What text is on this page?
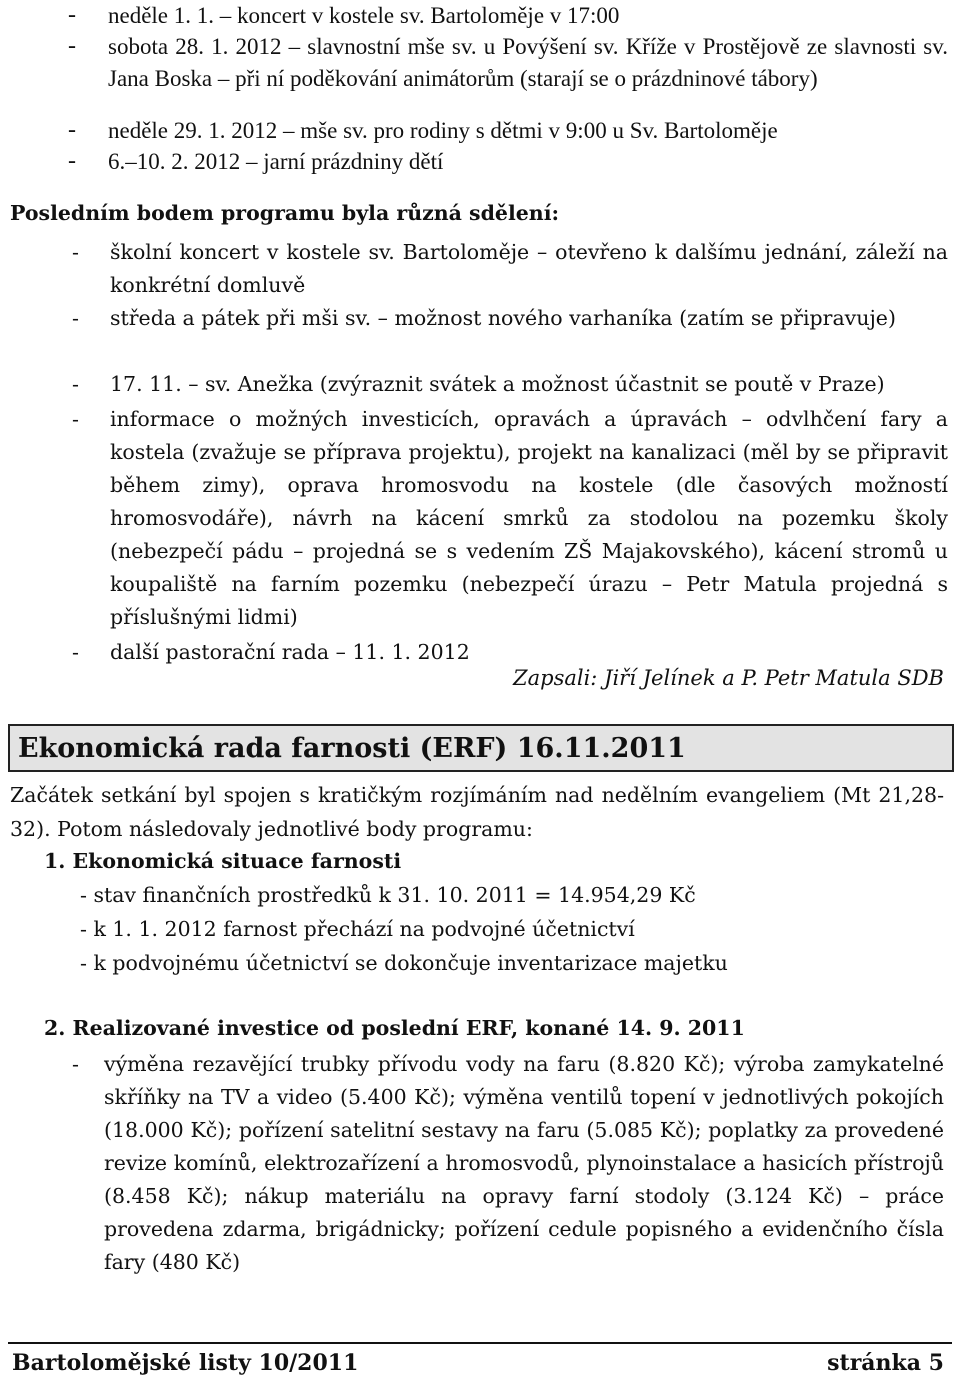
- neděle 1. 1. – koncert v kostele sv. Bartoloměje v 17:00
- sobota 28. 1. 2012 – slavnostní mše sv. u Povýšení sv. Kříže v Prostějově ze slavnosti sv. Jana Boska – při ní poděkování animátorům (starají se o prázdninové tábory)
- neděle 29. 1. 2012 – mše sv. pro rodiny s dětmi v 9:00 u Sv. Bartoloměje
- 6.–10. 2. 2012 – jarní prázdniny dětí
Posledním bodem programu byla různá sdělení:
- školní koncert v kostele sv. Bartoloměje – otevřeno k dalšímu jednání, záleží na konkrétní domluvě
- středa a pátek při mši sv. – možnost nového varhaníka (zatím se připravuje)
- 17. 11. – sv. Anežka (zvýraznit svátek a možnost účastnit se poutě v Praze)
- informace o možných investicích, opravách a úpravách – odvlhčení fary a kostela (zvažuje se příprava projektu), projekt na kanalizaci (měl by se připravit během zimy), oprava hromosvodu na kostele (dle časových možností hromosvodáře), návrh na kácení smrků za stodolou na pozemku školy (nebezpečí pádu – projedná se s vedením ZŠ Majakovského), kácení stromů u koupaliště na farním pozemku (nebezpečí úrazu – Petr Matula projedná s příslušnými lidmi)
- další pastorační rada – 11. 1. 2012
Zapsali: Jiří Jelínek a P. Petr Matula SDB
Ekonomická rada farnosti (ERF) 16.11.2011
Začátek setkání byl spojen s kratičkým rozjímáním nad nedělním evangeliem (Mt 21,28-32). Potom následovaly jednotlivé body programu:
1. Ekonomická situace farnosti
- stav finančních prostředků k 31. 10. 2011 = 14.954,29 Kč
- k 1. 1. 2012 farnost přechází na podvojné účetnictví
- k podvojnému účetnictví se dokončuje inventarizace majetku
2. Realizované investice od poslední ERF, konané 14. 9. 2011
- výměna rezavějící trubky přívodu vody na faru (8.820 Kč); výroba zamykatelné skříňky na TV a video (5.400 Kč); výměna ventilů topení v jednotlivých pokojích (18.000 Kč); pořízení satelitní sestavy na faru (5.085 Kč); poplatky za provedené revize komínů, elektrozařízení a hromosvodů, plynoinstalace a hasicích přístrojů (8.458 Kč); nákup materiálu na opravy farní stodoly (3.124 Kč) – práce provedena zdarma, brigádnicky; pořízení cedule popisného a evidenčního čísla fary (480 Kč)
Bartolomějské listy 10/2011	stránka 5
